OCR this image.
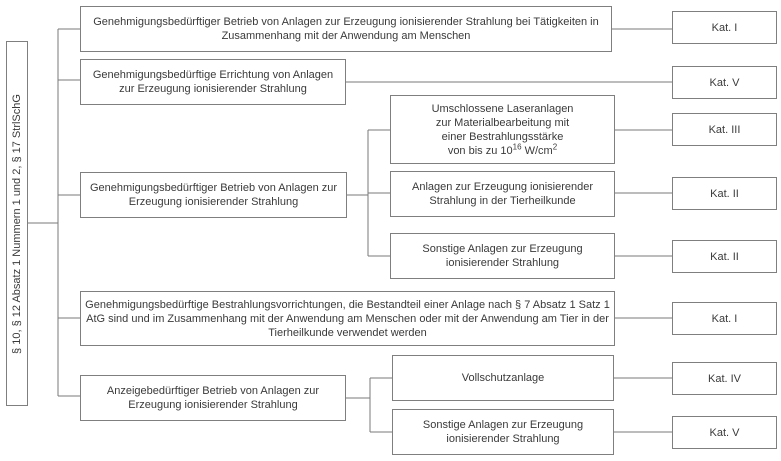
§ 10, § 12 Absatz 1 Nummern 1 und 2, § 17 StrlSchG
Genehmigungsbedürftiger Betrieb von Anlagen zur Erzeugung ionisierender Strahlung bei Tätigkeiten in Zusammenhang mit der Anwendung am Menschen
Genehmigungsbedürftige Errichtung von Anlagen zur Erzeugung ionisierender Strahlung
Genehmigungsbedürftiger Betrieb von Anlagen zur Erzeugung ionisierender Strahlung
Genehmigungsbedürftige Bestrahlungsvorrichtungen, die Bestandteil einer Anlage nach § 7 Absatz 1 Satz 1 AtG sind und im Zusammenhang mit der Anwendung am Menschen oder mit der Anwendung am Tier in der Tierheilkunde verwendet werden
Anzeigebedürftiger Betrieb von Anlagen zur Erzeugung ionisierender Strahlung
Umschlossene Laseranlagen
zur Materialbearbeitung mit
einer Bestrahlungsstärke
von bis zu $10^{16}$ $W/cm^2$
Anlagen zur Erzeugung ionisierender Strahlung in der Tierheilkunde
Sonstige Anlagen zur Erzeugung ionisierender Strahlung
Vollschutzanlage
Sonstige Anlagen zur Erzeugung ionisierender Strahlung
Kat. I
Kat. V
Kat. III
Kat. II
Kat. II
Kat. I
Kat. IV
Kat. V
